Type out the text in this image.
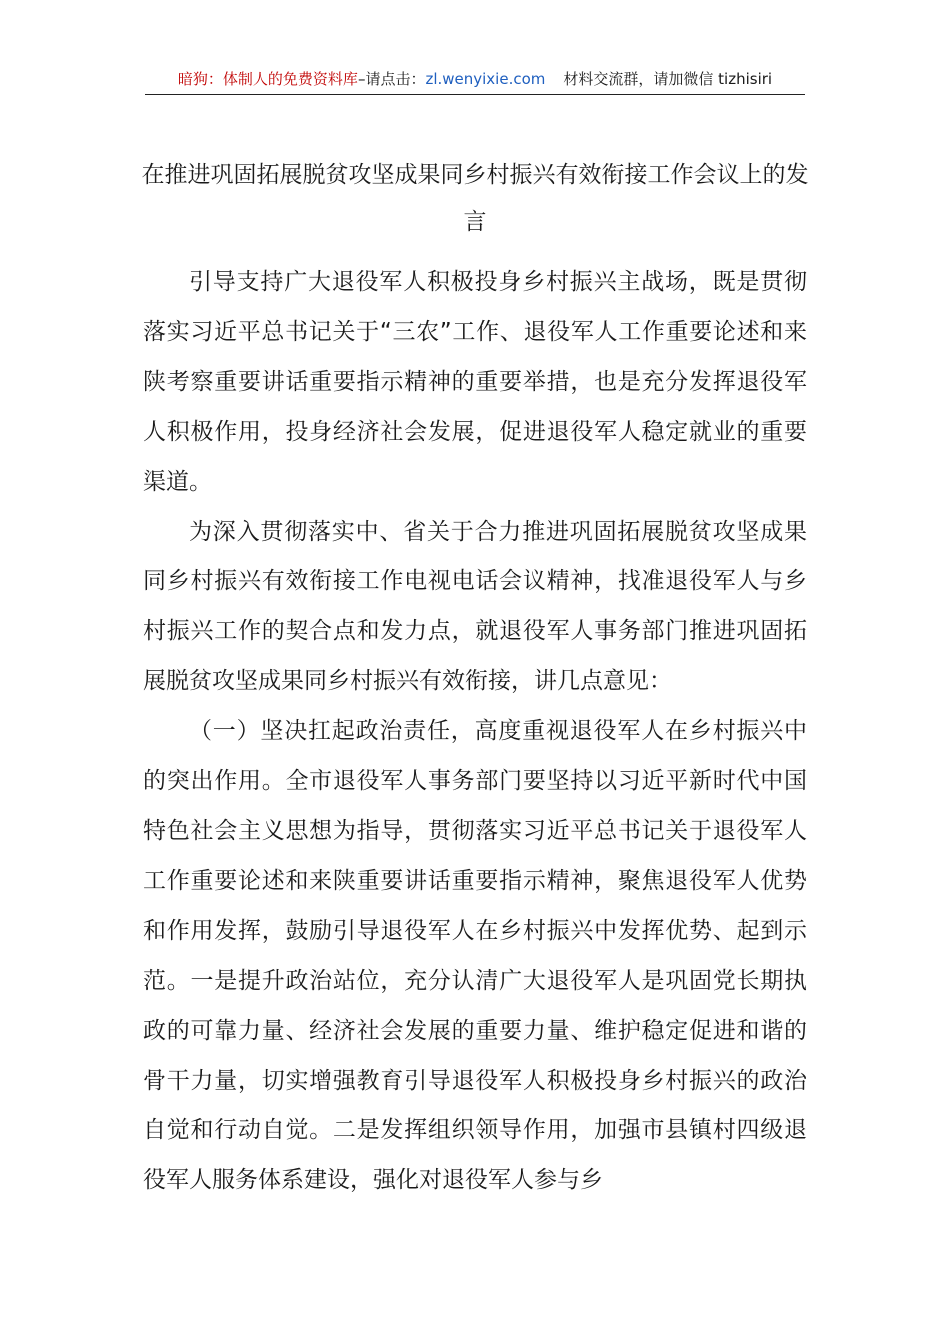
暗狗：体制人的免费资料库–请点击：zl.wenyixie.com 材料交流群，请加微信 tizhisiri
在推进巩固拓展脱贫攻坚成果同乡村振兴有效衔接工作会议上的发言

引导支持广大退役军人积极投身乡村振兴主战场，既是贯彻落实习近平总书记关于“三农”工作、退役军人工作重要论述和来陕考察重要讲话重要指示精神的重要举措，也是充分发挥退役军人积极作用，投身经济社会发展，促进退役军人稳定就业的重要渠道。

为深入贯彻落实中、省关于合力推进巩固拓展脱贫攻坚成果同乡村振兴有效衔接工作电视电话会议精神，找准退役军人与乡村振兴工作的契合点和发力点，就退役军人事务部门推进巩固拓展脱贫攻坚成果同乡村振兴有效衔接，讲几点意见：

（一）坚决扛起政治责任，高度重视退役军人在乡村振兴中的突出作用。全市退役军人事务部门要坚持以习近平新时代中国特色社会主义思想为指导，贯彻落实习近平总书记关于退役军人工作重要论述和来陕重要讲话重要指示精神，聚焦退役军人优势和作用发挥，鼓励引导退役军人在乡村振兴中发挥优势、起到示范。一是提升政治站位，充分认清广大退役军人是巩固党长期执政的可靠力量、经济社会发展的重要力量、维护稳定促进和谐的骨干力量，切实增强教育引导退役军人积极投身乡村振兴的政治自觉和行动自觉。二是发挥组织领导作用，加强市县镇村四级退役军人服务体系建设，强化对退役军人参与乡
